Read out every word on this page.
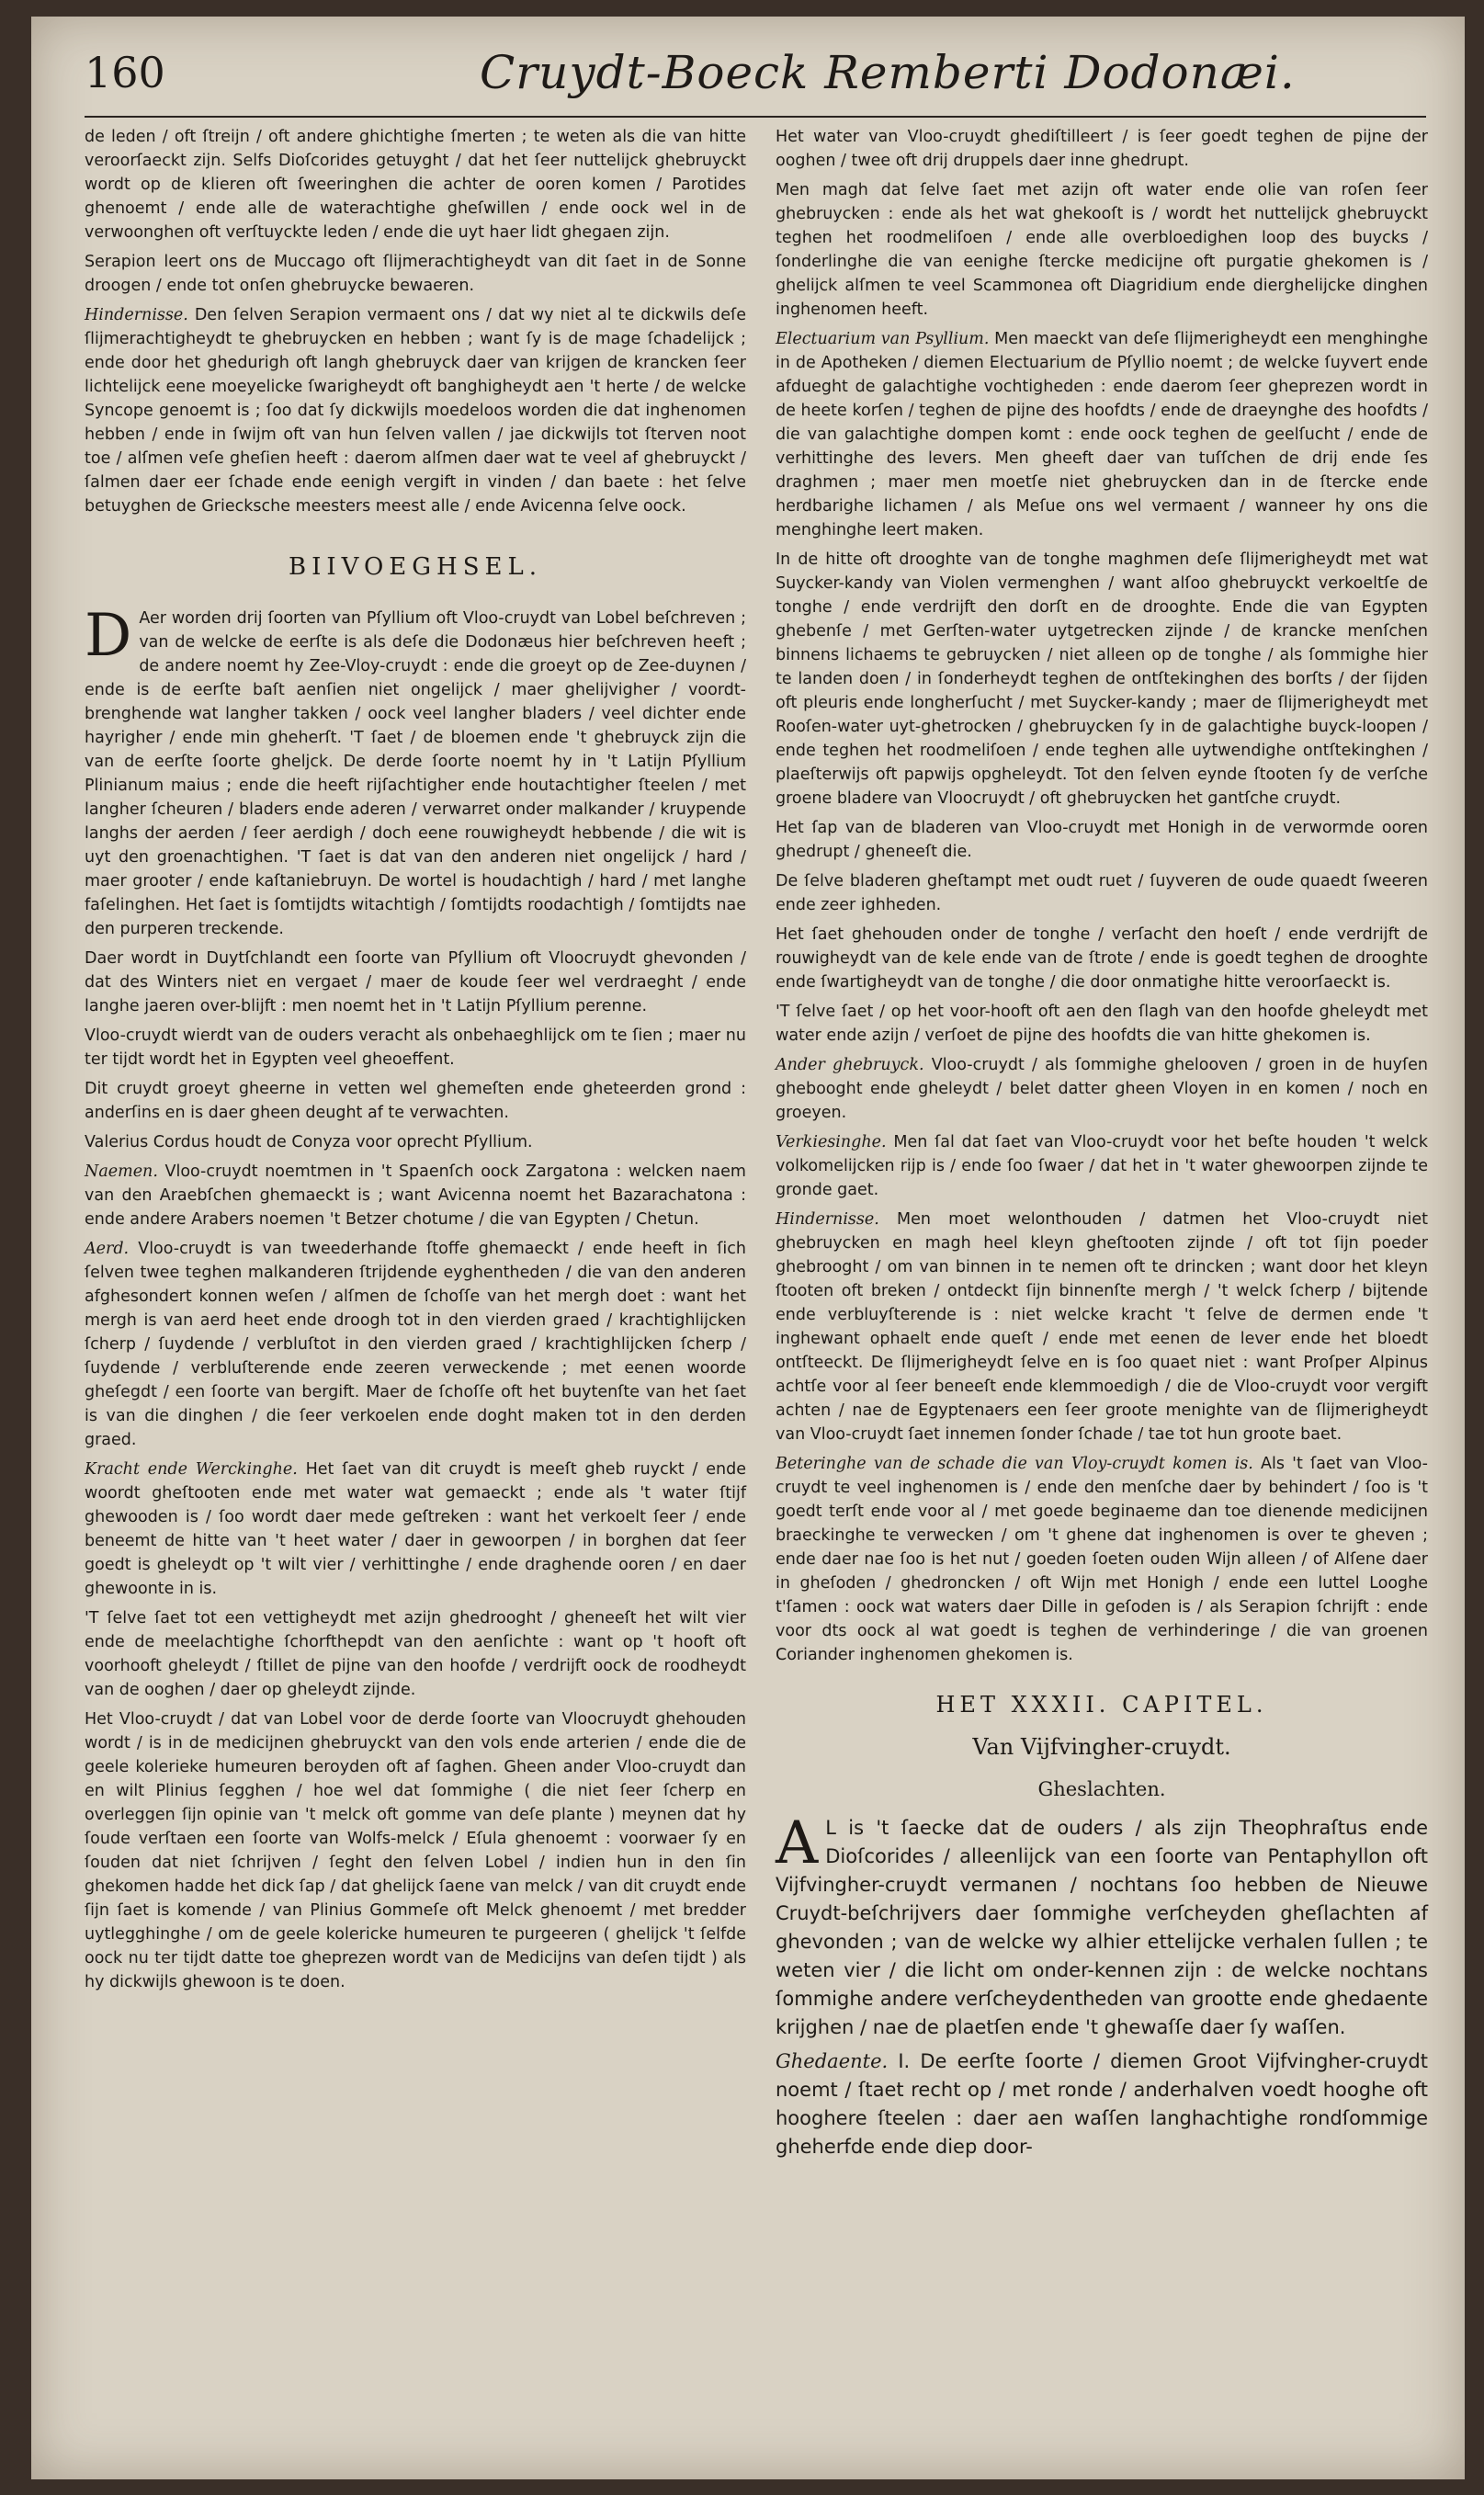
160	Cruydt-Boeck Remberti Dodonæi.

de leden / oft ſtreijn / oft andere ghichtighe ſmerten ; te weten als die van hitte veroorſaeckt zijn. Selfs Dioſcorides getuyght / dat het ſeer nuttelijck ghebruyckt wordt op de klieren oft ſweeringhen die achter de ooren komen / Parotides ghenoemt / ende alle de waterachtighe gheſwillen / ende oock wel in de verwoonghen oft verſtuyckte leden / ende die uyt haer lidt ghegaen zijn.

Serapion leert ons de Muccago oft ſlijmerachtigheydt van dit ſaet in de Sonne droogen / ende tot onſen ghebruycke bewaeren.

Hindernisse. Den ſelven Serapion vermaent ons / dat wy niet al te dickwils deſe ſlijmerachtigheydt te ghebruycken en hebben ; want ſy is de mage ſchadelijck ; ende door het ghedurigh oft langh ghebruyck daer van krijgen de krancken ſeer lichtelijck eene moeyelicke ſwarigheydt oft banghigheydt aen 't herte / de welcke Syncope genoemt is ; ſoo dat ſy dickwijls moedeloos worden die dat inghenomen hebben / ende in ſwijm oft van hun ſelven vallen / jae dickwijls tot ſterven noot toe / alſmen veſe gheſien heeft : daerom alſmen daer wat te veel af ghebruyckt / ſalmen daer eer ſchade ende eenigh vergift in vinden / dan baete : het ſelve betuyghen de Griecksche meesters meest alle / ende Avicenna ſelve oock.

BIIVOEGHSEL.

D Aer worden drij ſoorten van Pſyllium oft Vloo-cruydt van Lobel beſchreven ; van de welcke de eerſte is als deſe die Dodonæus hier beſchreven heeft ; de andere noemt hy Zee-Vloy-cruydt : ende die groeyt op de Zee-duynen / ende is de eerſte baſt aenſien niet ongelijck / maer ghelijvigher / voordt-brenghende wat langher takken / oock veel langher bladers / veel dichter ende hayrigher / ende min gheherſt. 'T ſaet / de bloemen ende 't ghebruyck zijn die van de eerſte ſoorte gheljck. De derde ſoorte noemt hy in 't Latijn Pſyllium Plinianum maius ; ende die heeft rijſachtigher ende houtachtigher ſteelen / met langher ſcheuren / bladers ende aderen / verwarret onder malkander / kruypende langhs der aerden / ſeer aerdigh / doch eene rouwigheydt hebbende / die wit is uyt den groenachtighen. 'T ſaet is dat van den anderen niet ongelijck / hard / maer grooter / ende kaſtaniebruyn. De wortel is houdachtigh / hard / met langhe faſelinghen. Het ſaet is ſomtijdts witachtigh / ſomtijdts roodachtigh / ſomtijdts nae den purperen treckende.

Daer wordt in Duytſchlandt een ſoorte van Pſyllium oft Vloocruydt ghevonden / dat des Winters niet en vergaet / maer de koude ſeer wel verdraeght / ende langhe jaeren over-blijft : men noemt het in 't Latijn Pſyllium perenne.

Vloo-cruydt wierdt van de ouders veracht als onbehaeghlijck om te ſien ; maer nu ter tijdt wordt het in Egypten veel gheoeffent.

Dit cruydt groeyt gheerne in vetten wel ghemeſten ende gheteerden grond : anderſins en is daer gheen deught af te verwachten.

Valerius Cordus houdt de Conyza voor oprecht Pſyllium.

Naemen. Vloo-cruydt noemtmen in 't Spaenſch oock Zargatona : welcken naem van den Araebſchen ghemaeckt is ; want Avicenna noemt het Bazarachatona : ende andere Arabers noemen 't Betzer chotume / die van Egypten / Chetun.

Aerd. Vloo-cruydt is van tweederhande ſtoffe ghemaeckt / ende heeft in ſich ſelven twee teghen malkanderen ſtrijdende eyghentheden / die van den anderen afghesondert konnen weſen / alſmen de ſchoſſe van het mergh doet : want het mergh is van aerd heet ende droogh tot in den vierden graed / krachtighlijcken ſcherp / ſuydende / verbluſtot in den vierden graed / krachtighlijcken ſcherp / ſuydende / verbluſterende ende zeeren verweckende ; met eenen woorde gheſegdt / een ſoorte van bergift. Maer de ſchoſſe oft het buytenſte van het ſaet is van die dinghen / die ſeer verkoelen ende doght maken tot in den derden graed.

Kracht ende Werckinghe. Het ſaet van dit cruydt is meeſt gheb ruyckt / ende woordt gheſtooten ende met water wat gemaeckt ; ende als 't water ſtijf ghewooden is / ſoo wordt daer mede geſtreken : want het verkoelt ſeer / ende beneemt de hitte van 't heet water / daer in gewoorpen / in borghen dat ſeer goedt is gheleydt op 't wilt vier / verhittinghe / ende draghende ooren / en daer ghewoonte in is.

'T ſelve ſaet tot een vettigheydt met azijn ghedrooght / gheneeſt het wilt vier ende de meelachtighe ſchorfthepdt van den aenſichte : want op 't hooft oft voorhooft gheleydt / ſtillet de pijne van den hoofde / verdrijft oock de roodheydt van de ooghen / daer op gheleydt zijnde.

Het Vloo-cruydt / dat van Lobel voor de derde ſoorte van Vloocruydt ghehouden wordt / is in de medicijnen ghebruyckt van den vols ende arterien / ende die de geele kolerieke humeuren beroyden oft af ſaghen. Gheen ander Vloo-cruydt dan en wilt Plinius ſegghen / hoe wel dat ſommighe ( die niet ſeer ſcherp en overleggen ſijn opinie van 't melck oft gomme van deſe plante ) meynen dat hy ſoude verſtaen een ſoorte van Wolfs-melck / Eſula ghenoemt : voorwaer ſy en ſouden dat niet ſchrijven / ſeght den ſelven Lobel / indien hun in den ſin ghekomen hadde het dick ſap / dat ghelijck ſaene van melck / van dit cruydt ende ſijn ſaet is komende / van Plinius Gommeſe oft Melck ghenoemt / met bredder uytlegghinghe / om de geele kolericke humeuren te purgeeren ( ghelijck 't ſelfde oock nu ter tijdt datte toe gheprezen wordt van de Medicijns van deſen tijdt ) als hy dickwijls ghewoon is te doen.

Het water van Vloo-cruydt ghediſtilleert / is ſeer goedt teghen de pijne der ooghen / twee oft drij druppels daer inne ghedrupt.

Men magh dat ſelve ſaet met azijn oft water ende olie van roſen ſeer ghebruycken : ende als het wat ghekooſt is / wordt het nuttelijck ghebruyckt teghen het roodmeliſoen / ende alle overbloedighen loop des buycks / ſonderlinghe die van eenighe ſtercke medicijne oft purgatie ghekomen is / ghelijck alſmen te veel Scammonea oft Diagridium ende dierghelijcke dinghen inghenomen heeft.

Electuarium van Psyllium. Men maeckt van deſe ſlijmerigheydt een menghinghe in de Apotheken / diemen Electuarium de Pſyllio noemt ; de welcke ſuyvert ende afdueght de galachtighe vochtigheden : ende daerom ſeer gheprezen wordt in de heete korſen / teghen de pijne des hoofdts / ende de draeynghe des hoofdts / die van galachtighe dompen komt : ende oock teghen de geelſucht / ende de verhittinghe des levers. Men gheeft daer van tuſſchen de drij ende ſes draghmen ; maer men moetſe niet ghebruycken dan in de ſtercke ende herdbarighe lichamen / als Meſue ons wel vermaent / wanneer hy ons die menghinghe leert maken.

In de hitte oft drooghte van de tonghe maghmen deſe ſlijmerigheydt met wat Suycker-kandy van Violen vermenghen / want alſoo ghebruyckt verkoeltſe de tonghe / ende verdrijft den dorſt en de drooghte. Ende die van Egypten ghebenſe / met Gerſten-water uytgetrecken zijnde / de krancke menſchen binnens lichaems te gebruycken / niet alleen op de tonghe / als ſommighe hier te landen doen / in ſonderheydt teghen de ontſtekinghen des borſts / der ſijden oft pleuris ende longherſucht / met Suycker-kandy ; maer de ſlijmerigheydt met Rooſen-water uyt-ghetrocken / ghebruycken ſy in de galachtighe buyck-loopen / ende teghen het roodmeliſoen / ende teghen alle uytwendighe ontſtekinghen / plaeſterwijs oft papwijs opgheleydt. Tot den ſelven eynde ſtooten ſy de verſche groene bladere van Vloocruydt / oft ghebruycken het gantſche cruydt.

Het ſap van de bladeren van Vloo-cruydt met Honigh in de verwormde ooren ghedrupt / gheneeſt die.

De ſelve bladeren gheſtampt met oudt ruet / ſuyveren de oude quaedt ſweeren ende zeer ighheden.

Het ſaet ghehouden onder de tonghe / verſacht den hoeſt / ende verdrijft de rouwigheydt van de kele ende van de ſtrote / ende is goedt teghen de drooghte ende ſwartigheydt van de tonghe / die door onmatighe hitte veroorſaeckt is.

'T ſelve ſaet / op het voor-hooft oft aen den ſlagh van den hoofde gheleydt met water ende azijn / verſoet de pijne des hoofdts die van hitte ghekomen is.

Ander ghebruyck. Vloo-cruydt / als ſommighe ghelooven / groen in de huyſen ghebooght ende gheleydt / belet datter gheen Vloyen in en komen / noch en groeyen.

Verkiesinghe. Men ſal dat ſaet van Vloo-cruydt voor het beſte houden 't welck volkomelijcken rijp is / ende ſoo ſwaer / dat het in 't water ghewoorpen zijnde te gronde gaet.

Hindernisse. Men moet welonthouden / datmen het Vloo-cruydt niet ghebruycken en magh heel kleyn gheſtooten zijnde / oft tot ſijn poeder ghebrooght / om van binnen in te nemen oft te drincken ; want door het kleyn ſtooten oft breken / ontdeckt ſijn binnenſte mergh / 't welck ſcherp / bijtende ende verbluyſterende is : niet welcke kracht 't ſelve de dermen ende 't inghewant ophaelt ende queſt / ende met eenen de lever ende het bloedt ontſteeckt. De ſlijmerigheydt ſelve en is ſoo quaet niet : want Proſper Alpinus achtſe voor al ſeer beneeſt ende klemmoedigh / die de Vloo-cruydt voor vergift achten / nae de Egyptenaers een ſeer groote menighte van de ſlijmerigheydt van Vloo-cruydt ſaet innemen ſonder ſchade / tae tot hun groote baet.

Beteringhe van de schade die van Vloy-cruydt komen is. Als 't ſaet van Vloo-cruydt te veel inghenomen is / ende den menſche daer by behindert / ſoo is 't goedt terſt ende voor al / met goede beginaeme dan toe dienende medicijnen braeckinghe te verwecken / om 't ghene dat inghenomen is over te gheven ; ende daer nae ſoo is het nut / goeden ſoeten ouden Wijn alleen / of Alſene daer in gheſoden / ghedroncken / oft Wijn met Honigh / ende een luttel Looghe t'ſamen : oock wat waters daer Dille in geſoden is / als Serapion ſchrijft : ende voor dts oock al wat goedt is teghen de verhinderinge / die van groenen Coriander inghenomen ghekomen is.

HET XXXII. CAPITEL.
Van Vijfvingher-cruydt.
Gheslachten.

A L is 't ſaecke dat de ouders / als zijn Theophraſtus ende Dioſcorides / alleenlijck van een ſoorte van Pentaphyllon oft Vijfvingher-cruydt vermanen / nochtans ſoo hebben de Nieuwe Cruydt-beſchrijvers daer ſommighe verſcheyden gheſlachten af ghevonden ; van de welcke wy alhier ettelijcke verhalen ſullen ; te weten vier / die licht om onder-kennen zijn : de welcke nochtans ſommighe andere verſcheydentheden van grootte ende ghedaente krijghen / nae de plaetſen ende 't ghewaſſe daer ſy waſſen.

Ghedaente. I. De eerſte ſoorte / diemen Groot Vijfvingher-cruydt noemt / ſtaet recht op / met ronde / anderhalven voedt hooghe oft hooghere ſteelen : daer aen waſſen langhachtighe rondſommige gheherfde ende diep door-
